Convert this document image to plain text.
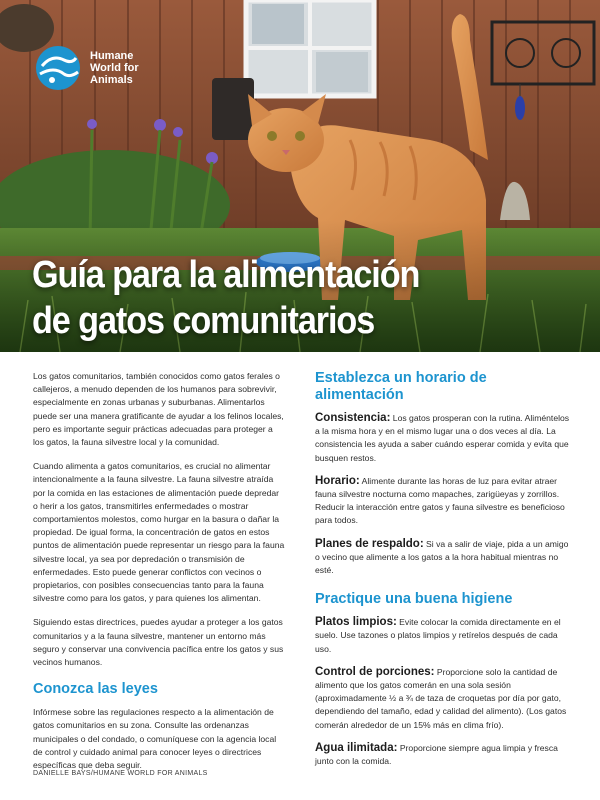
Humane
World for
Animals
Guía para la alimentación
de gatos comunitarios

Los gatos comunitarios, también conocidos como gatos ferales o callejeros, a menudo dependen de los humanos para sobrevivir, especialmente en zonas urbanas y suburbanas. Alimentarlos puede ser una manera gratificante de ayudar a los felinos locales, pero es importante seguir prácticas adecuadas para proteger a los gatos, la fauna silvestre local y la comunidad.

Cuando alimenta a gatos comunitarios, es crucial no alimentar intencionalmente a la fauna silvestre. La fauna silvestre atraída por la comida en las estaciones de alimentación puede depredar o herir a los gatos, transmitirles enfermedades o mostrar comportamientos molestos, como hurgar en la basura o dañar la propiedad. De igual forma, la concentración de gatos en estos puntos de alimentación puede representar un riesgo para la fauna silvestre local, ya sea por depredación o transmisión de enfermedades. Esto puede generar conflictos con vecinos o propietarios, con posibles consecuencias tanto para la fauna silvestre como para los gatos, y para quienes los alimentan.

Siguiendo estas directrices, puedes ayudar a proteger a los gatos comunitarios y a la fauna silvestre, mantener un entorno más seguro y conservar una convivencia pacífica entre los gatos y sus vecinos humanos.

Conozca las leyes

Infórmese sobre las regulaciones respecto a la alimentación de gatos comunitarios en su zona. Consulte las ordenanzas municipales o del condado, o comuníquese con la agencia local de control y cuidado animal para conocer leyes o directrices específicas que deba seguir.

Establezca un horario de alimentación

Consistencia: Los gatos prosperan con la rutina. Aliméntelos a la misma hora y en el mismo lugar una o dos veces al día. La consistencia les ayuda a saber cuándo esperar comida y evita que busquen restos.

Horario: Alimente durante las horas de luz para evitar atraer fauna silvestre nocturna como mapaches, zarigüeyas y zorrillos. Reducir la interacción entre gatos y fauna silvestre es beneficioso para todos.

Planes de respaldo: Si va a salir de viaje, pida a un amigo o vecino que alimente a los gatos a la hora habitual mientras no esté.

Practique una buena higiene

Platos limpios: Evite colocar la comida directamente en el suelo. Use tazones o platos limpios y retírelos después de cada uso.

Control de porciones: Proporcione solo la cantidad de alimento que los gatos comerán en una sola sesión (aproximadamente ½ a ¾ de taza de croquetas por día por gato, dependiendo del tamaño, edad y calidad del alimento). (Los gatos comerán alrededor de un 15% más en clima frío).

Agua ilimitada: Proporcione siempre agua limpia y fresca junto con la comida.

DANIELLE BAYS/HUMANE WORLD FOR ANIMALS
